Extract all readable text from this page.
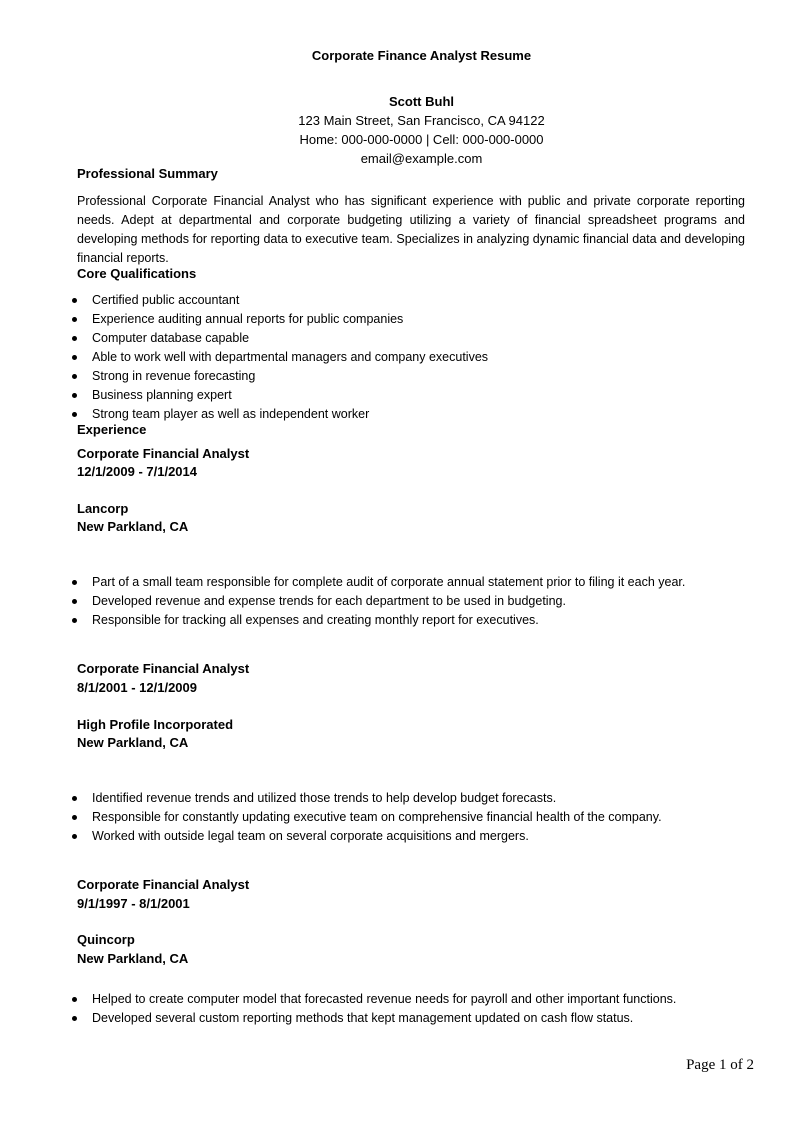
Corporate Finance Analyst Resume
Scott Buhl
123 Main Street, San Francisco, CA 94122
Home: 000-000-0000 | Cell: 000-000-0000
email@example.com
Professional Summary
Professional Corporate Financial Analyst who has significant experience with public and private corporate reporting needs. Adept at departmental and corporate budgeting utilizing a variety of financial spreadsheet programs and developing methods for reporting data to executive team. Specializes in analyzing dynamic financial data and developing financial reports.
Core Qualifications
Certified public accountant
Experience auditing annual reports for public companies
Computer database capable
Able to work well with departmental managers and company executives
Strong in revenue forecasting
Business planning expert
Strong team player as well as independent worker
Experience
Corporate Financial Analyst
12/1/2009 - 7/1/2014
Lancorp
New Parkland, CA
Part of a small team responsible for complete audit of corporate annual statement prior to filing it each year.
Developed revenue and expense trends for each department to be used in budgeting.
Responsible for tracking all expenses and creating monthly report for executives.
Corporate Financial Analyst
8/1/2001 - 12/1/2009
High Profile Incorporated
New Parkland, CA
Identified revenue trends and utilized those trends to help develop budget forecasts.
Responsible for constantly updating executive team on comprehensive financial health of the company.
Worked with outside legal team on several corporate acquisitions and mergers.
Corporate Financial Analyst
9/1/1997 - 8/1/2001
Quincorp
New Parkland, CA
Helped to create computer model that forecasted revenue needs for payroll and other important functions.
Developed several custom reporting methods that kept management updated on cash flow status.
Page 1 of 2
